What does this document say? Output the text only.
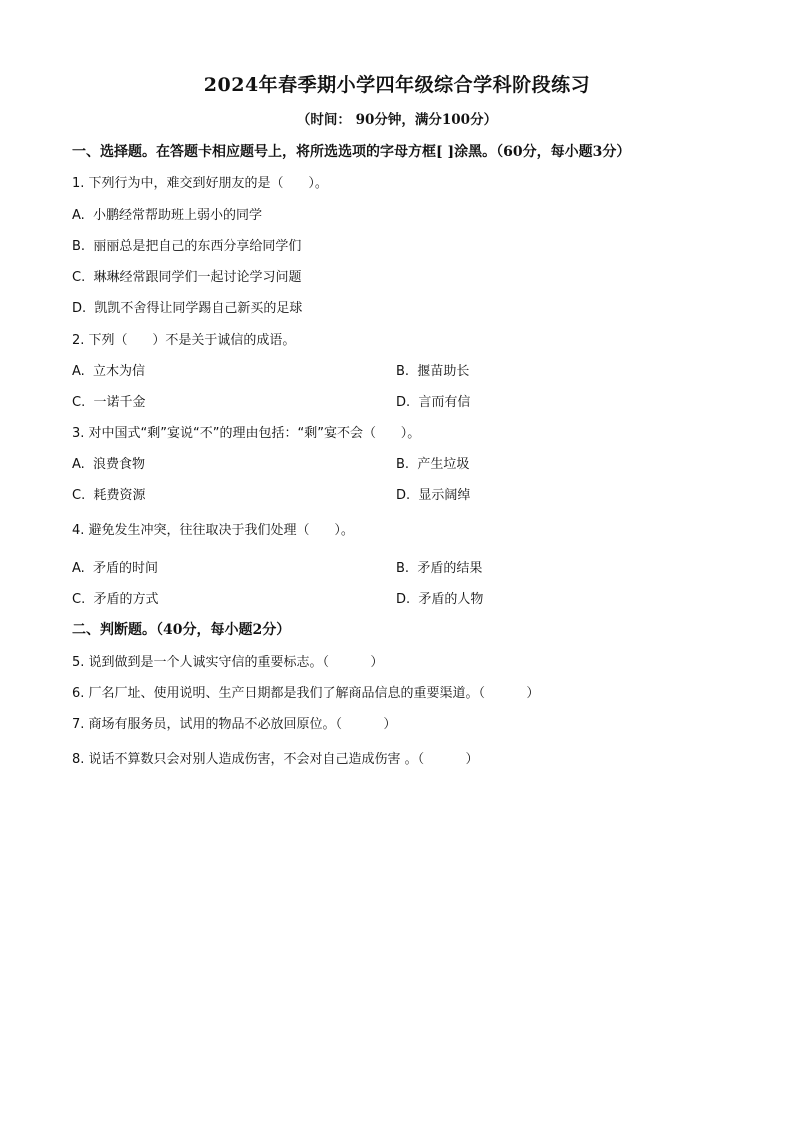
2024年春季期小学四年级综合学科阶段练习
（时间： 90分钟，满分100分）
一、选择题。在答题卡相应题号上，将所选选项的字母方框[ ]涂黑。（60分，每小题3分）
1. 下列行为中，难交到好朋友的是（      ）。
A.  小鹏经常帮助班上弱小的同学
B.  丽丽总是把自己的东西分享给同学们
C.  琳琳经常跟同学们一起讨论学习问题
D.  凯凯不舍得让同学踢自己新买的足球
2. 下列（      ）不是关于诚信的成语。
A.  立木为信	B.  揠苗助长
C.  一诺千金	D.  言而有信
3. 对中国式“剩”宴说“不”的理由包括：“剩”宴不会（      ）。
A.  浪费食物	B.  产生垃圾
C.  耗费资源	D.  显示阔绰
4. 避免发生冲突，往往取决于我们处理（      ）。
A.  矛盾的时间	B.  矛盾的结果
C.  矛盾的方式	D.  矛盾的人物
二、判断题。（40分，每小题2分）
5. 说到做到是一个人诚实守信的重要标志。（          ）
6. 厂名厂址、使用说明、生产日期都是我们了解商品信息的重要渠道。（          ）
7. 商场有服务员，试用的物品不必放回原位。（          ）
8. 说话不算数只会对别人造成伤害，不会对自己造成伤害 。（          ）
